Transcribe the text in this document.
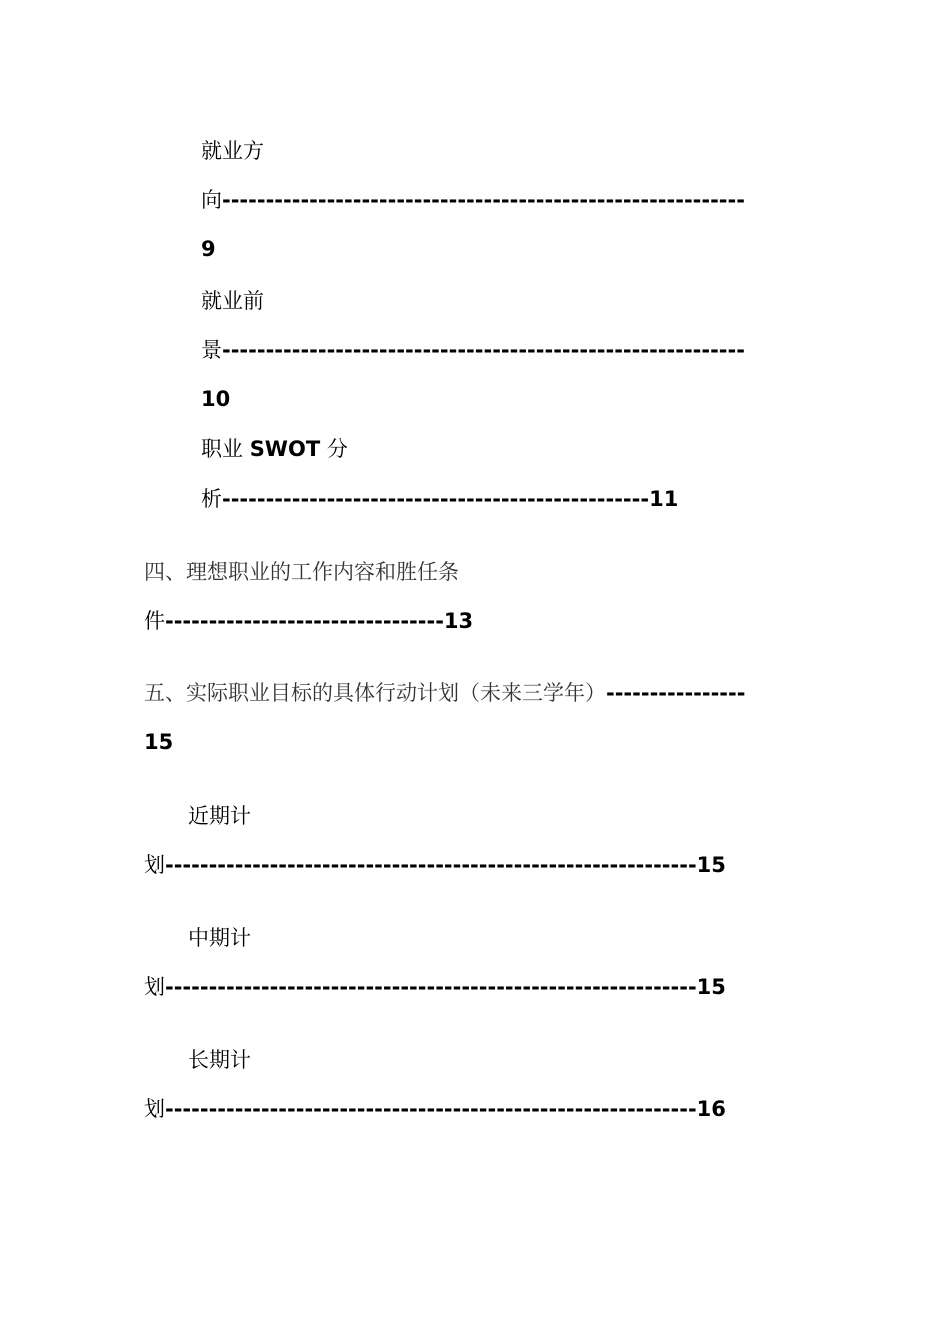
就业方
向------------------------------------------------------------
9
就业前
景------------------------------------------------------------
10
职业 SWOT 分
析-------------------------------------------------11
四、理想职业的工作内容和胜任条
件--------------------------------13
五、实际职业目标的具体行动计划（未来三学年）----------------
15
近期计
划-------------------------------------------------------------15
中期计
划-------------------------------------------------------------15
长期计
划-------------------------------------------------------------16
